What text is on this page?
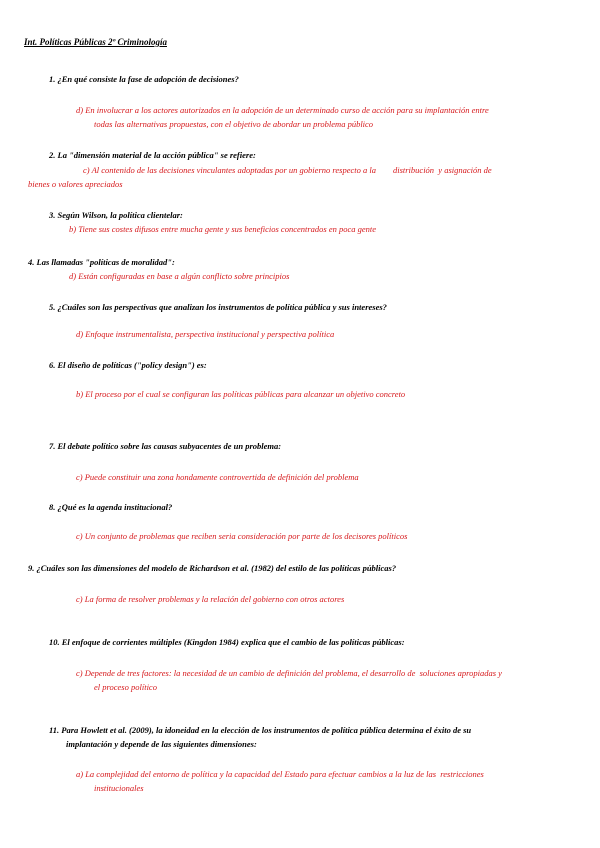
Int. Políticas Públicas 2º Criminología
1. ¿En qué consiste la fase de adopción de decisiones?
d) En involucrar a los actores autorizados en la adopción de un determinado curso de acción para su implantación entre
todas las alternativas propuestas, con el objetivo de abordar un problema público
2. La "dimensión material de la acción pública" se refiere:
c) Al contenido de las decisiones vinculantes adoptadas por un gobierno respecto a la        distribución  y asignación de
bienes o valores apreciados
3. Según Wilson, la política clientelar:
b) Tiene sus costes difusos entre mucha gente y sus beneficios concentrados en poca gente
4. Las llamadas "políticas de moralidad":
d) Están configuradas en base a algún conflicto sobre principios
5. ¿Cuáles son las perspectivas que analizan los instrumentos de política pública y sus intereses?
d) Enfoque instrumentalista, perspectiva institucional y perspectiva política
6. El diseño de políticas ("policy design") es:
b) El proceso por el cual se configuran las políticas públicas para alcanzar un objetivo concreto
7. El debate político sobre las causas subyacentes de un problema:
c) Puede constituir una zona hondamente controvertida de definición del problema
8. ¿Qué es la agenda institucional?
c) Un conjunto de problemas que reciben seria consideración por parte de los decisores políticos
9. ¿Cuáles son las dimensiones del modelo de Richardson et al. (1982) del estilo de las políticas públicas?
c) La forma de resolver problemas y la relación del gobierno con otros actores
10. El enfoque de corrientes múltiples (Kingdon 1984) explica que el cambio de las políticas públicas:
c) Depende de tres factores: la necesidad de un cambio de definición del problema, el desarrollo de  soluciones apropiadas y
el proceso político
11. Para Howlett et al. (2009), la idoneidad en la elección de los instrumentos de política pública determina el éxito de su
implantación y depende de las siguientes dimensiones:
a) La complejidad del entorno de política y la capacidad del Estado para efectuar cambios a la luz de las  restricciones
institucionales
